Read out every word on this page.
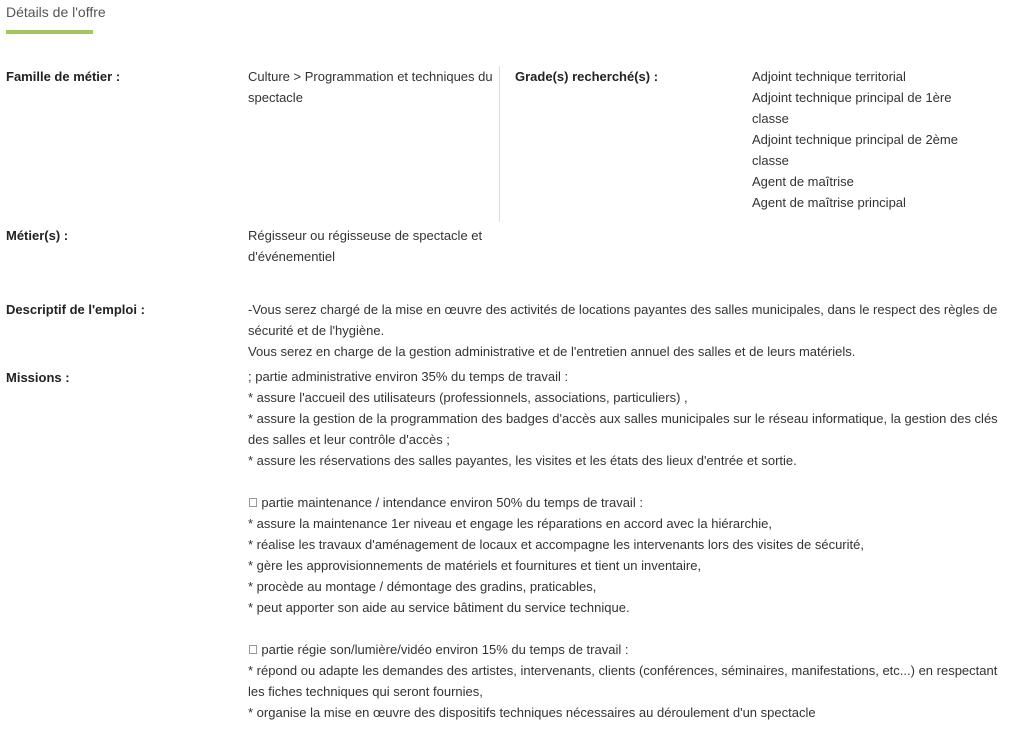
Détails de l'offre
Famille de métier :	Culture > Programmation et techniques du spectacle
Grade(s) recherché(s) :	Adjoint technique territorial
Adjoint technique principal de 1ère classe
Adjoint technique principal de 2ème classe
Agent de maîtrise
Agent de maîtrise principal
Métier(s) :	Régisseur ou régisseuse de spectacle et d'événementiel
Descriptif de l'emploi :	-Vous serez chargé de la mise en œuvre des activités de locations payantes des salles municipales, dans le respect des règles de sécurité et de l'hygiène.
Vous serez en charge de la gestion administrative et de l'entretien annuel des salles et de leurs matériels.
Missions :	; partie administrative environ 35% du temps de travail :
* assure l'accueil des utilisateurs (professionnels, associations, particuliers) ,
* assure la gestion de la programmation des badges d'accès aux salles municipales sur le réseau informatique, la gestion des clés des salles et leur contrôle d'accès ;
* assure les réservations des salles payantes, les visites et les états des lieux d'entrée et sortie.
partie maintenance / intendance environ 50% du temps de travail :
* assure la maintenance 1er niveau et engage les réparations en accord avec la hiérarchie,
* réalise les travaux d'aménagement de locaux et accompagne les intervenants lors des visites de sécurité,
* gère les approvisionnements de matériels et fournitures et tient un inventaire,
* procède au montage / démontage des gradins, praticables,
* peut apporter son aide au service bâtiment du service technique.
partie régie son/lumière/vidéo environ 15% du temps de travail :
* répond ou adapte les demandes des artistes, intervenants, clients (conférences, séminaires, manifestations, etc...) en respectant les fiches techniques qui seront fournies,
* organise la mise en œuvre des dispositifs techniques nécessaires au déroulement d'un spectacle
